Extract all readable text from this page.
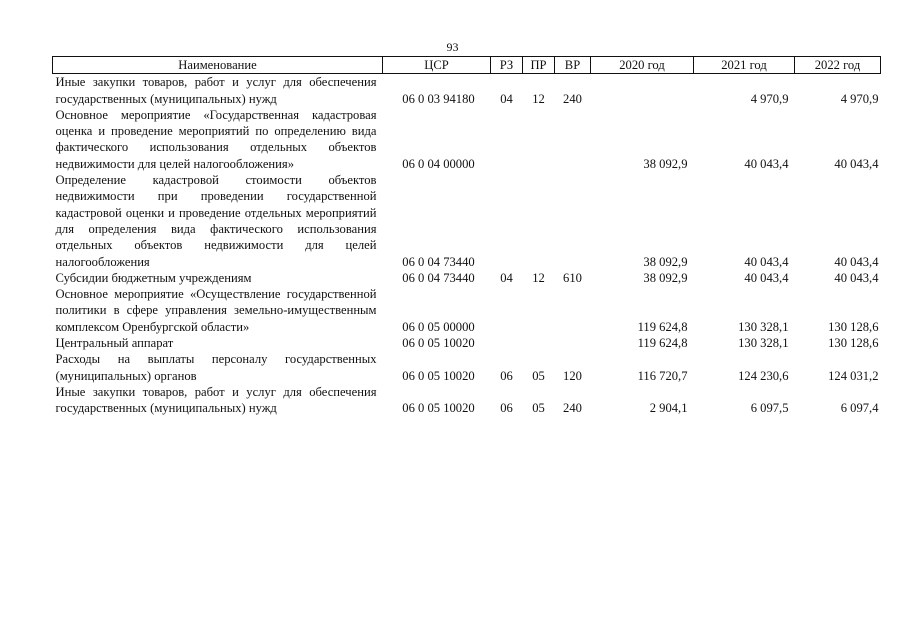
93
Наименование	ЦСР	РЗ	ПР	ВР	2020 год	2021 год	2022 год
Иные закупки товаров, работ и услуг для обеспечения государственных (муниципальных) нужд	06 0 03 94180	04	12	240		4 970,9	4 970,9
Основное мероприятие «Государственная кадастровая оценка и проведение мероприятий по определению вида фактического использования отдельных объектов недвижимости для целей налогообложения»	06 0 04 00000				38 092,9	40 043,4	40 043,4
Определение кадастровой стоимости объектов недвижимости при проведении государственной кадастровой оценки и проведение отдельных мероприятий для определения вида фактического использования отдельных объектов недвижимости для целей налогообложения	06 0 04 73440				38 092,9	40 043,4	40 043,4
Субсидии бюджетным учреждениям	06 0 04 73440	04	12	610	38 092,9	40 043,4	40 043,4
Основное мероприятие «Осуществление государственной политики в сфере управления земельно-имущественным комплексом Оренбургской области»	06 0 05 00000				119 624,8	130 328,1	130 128,6
Центральный аппарат	06 0 05 10020				119 624,8	130 328,1	130 128,6
Расходы на выплаты персоналу государственных (муниципальных) органов	06 0 05 10020	06	05	120	116 720,7	124 230,6	124 031,2
Иные закупки товаров, работ и услуг для обеспечения государственных (муниципальных) нужд	06 0 05 10020	06	05	240	2 904,1	6 097,5	6 097,4
